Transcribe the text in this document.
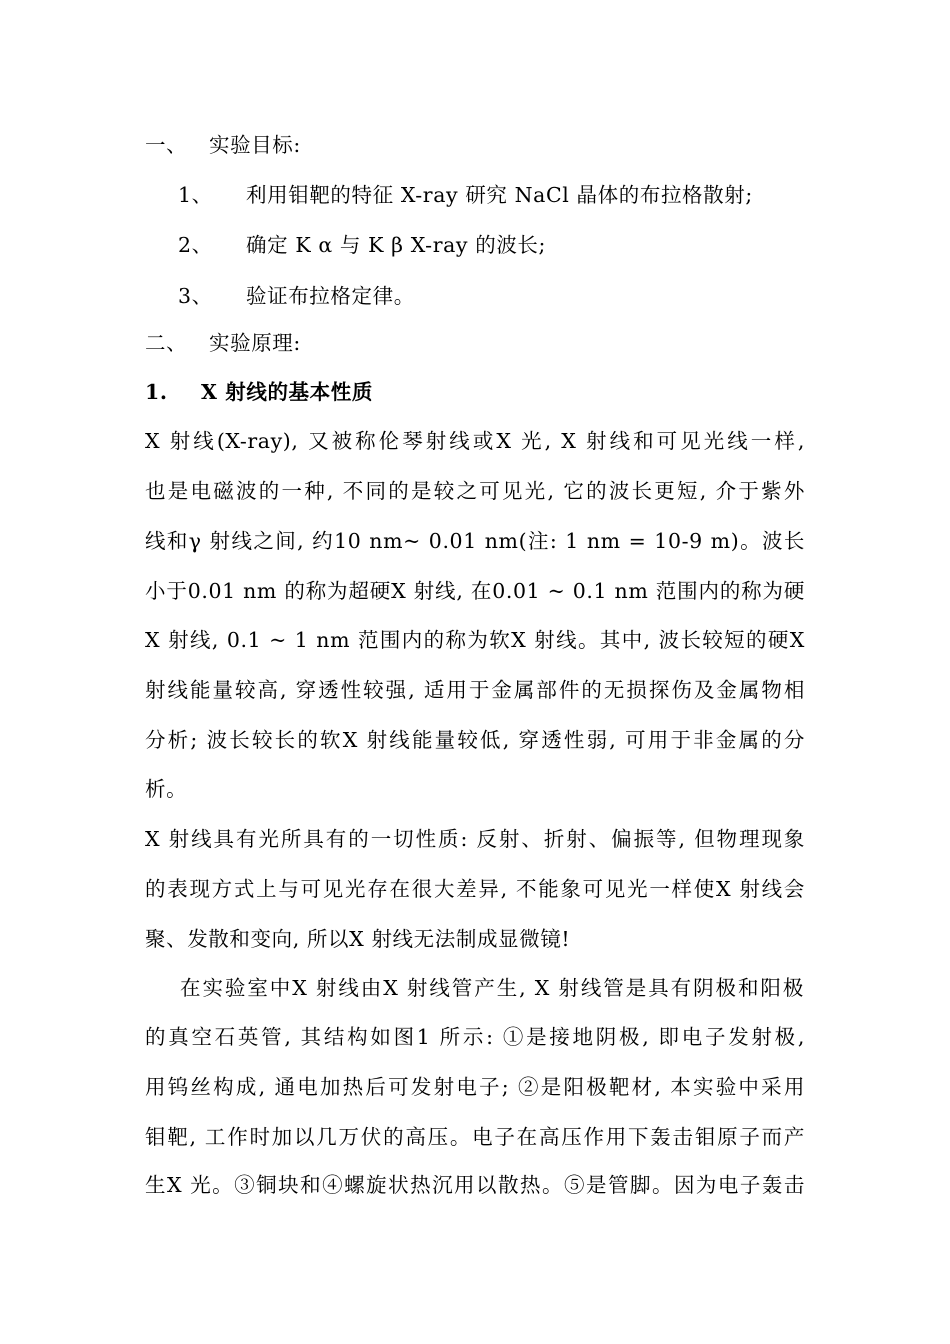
一、 实验目标:
1、 利用钼靶的特征 X-ray 研究 NaCl 晶体的布拉格散射;
2、 确定 K α 与 K β X-ray 的波长;
3、 验证布拉格定律。
二、 实验原理:
1. X 射线的基本性质
X 射线(X-ray), 又被称伦琴射线或X 光, X 射线和可见光线一样,
也是电磁波的一种, 不同的是较之可见光, 它的波长更短, 介于紫外
线和γ 射线之间, 约10 nm~ 0.01 nm(注: 1 nm = 10-9 m)。波长
小于0.01 nm 的称为超硬X 射线, 在0.01 ~ 0.1 nm 范围内的称为硬
X 射线, 0.1 ~ 1 nm 范围内的称为软X 射线。其中, 波长较短的硬X
射线能量较高, 穿透性较强, 适用于金属部件的无损探伤及金属物相
分析; 波长较长的软X 射线能量较低, 穿透性弱, 可用于非金属的分
析。
X 射线具有光所具有的一切性质: 反射、折射、偏振等, 但物理现象
的表现方式上与可见光存在很大差异, 不能象可见光一样使X 射线会
聚、发散和变向, 所以X 射线无法制成显微镜!
在实验室中X 射线由X 射线管产生, X 射线管是具有阴极和阳极
的真空石英管, 其结构如图1 所示: ①是接地阴极, 即电子发射极,
用钨丝构成, 通电加热后可发射电子; ②是阳极靶材, 本实验中采用
钼靶, 工作时加以几万伏的高压。电子在高压作用下轰击钼原子而产
生X 光。③铜块和④螺旋状热沉用以散热。⑤是管脚。因为电子轰击
